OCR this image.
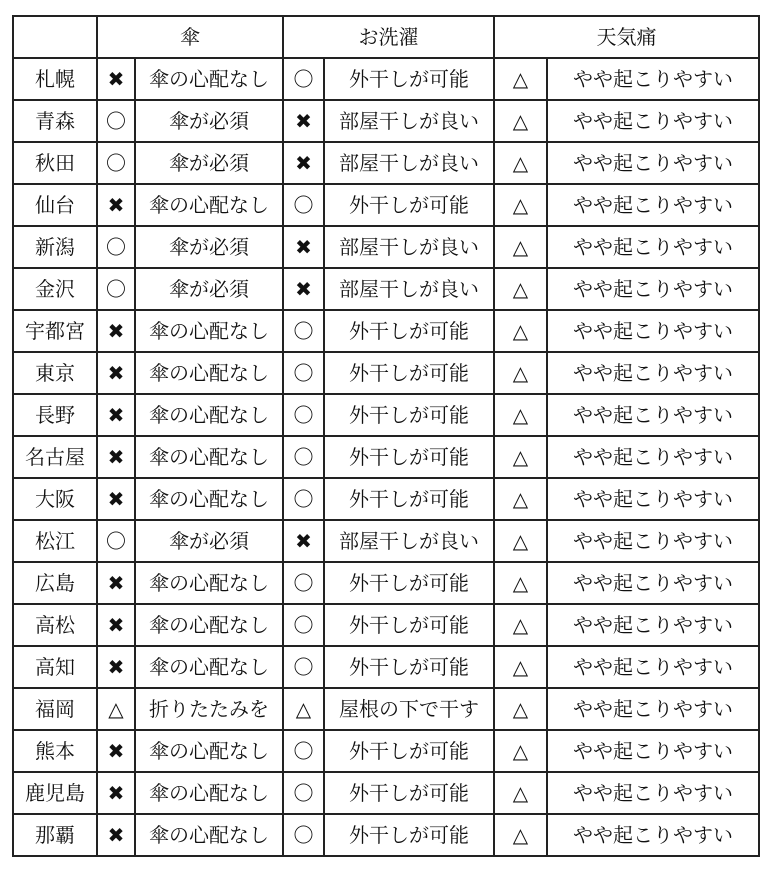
	傘		お洗濯		天気痛	
札幌	✖	傘の心配なし	〇	外干しが可能	△	やや起こりやすい
青森	〇	傘が必須	✖	部屋干しが良い	△	やや起こりやすい
秋田	〇	傘が必須	✖	部屋干しが良い	△	やや起こりやすい
仙台	✖	傘の心配なし	〇	外干しが可能	△	やや起こりやすい
新潟	〇	傘が必須	✖	部屋干しが良い	△	やや起こりやすい
金沢	〇	傘が必須	✖	部屋干しが良い	△	やや起こりやすい
宇都宮	✖	傘の心配なし	〇	外干しが可能	△	やや起こりやすい
東京	✖	傘の心配なし	〇	外干しが可能	△	やや起こりやすい
長野	✖	傘の心配なし	〇	外干しが可能	△	やや起こりやすい
名古屋	✖	傘の心配なし	〇	外干しが可能	△	やや起こりやすい
大阪	✖	傘の心配なし	〇	外干しが可能	△	やや起こりやすい
松江	〇	傘が必須	✖	部屋干しが良い	△	やや起こりやすい
広島	✖	傘の心配なし	〇	外干しが可能	△	やや起こりやすい
高松	✖	傘の心配なし	〇	外干しが可能	△	やや起こりやすい
高知	✖	傘の心配なし	〇	外干しが可能	△	やや起こりやすい
福岡	△	折りたたみを	△	屋根の下で干す	△	やや起こりやすい
熊本	✖	傘の心配なし	〇	外干しが可能	△	やや起こりやすい
鹿児島	✖	傘の心配なし	〇	外干しが可能	△	やや起こりやすい
那覇	✖	傘の心配なし	〇	外干しが可能	△	やや起こりやすい
